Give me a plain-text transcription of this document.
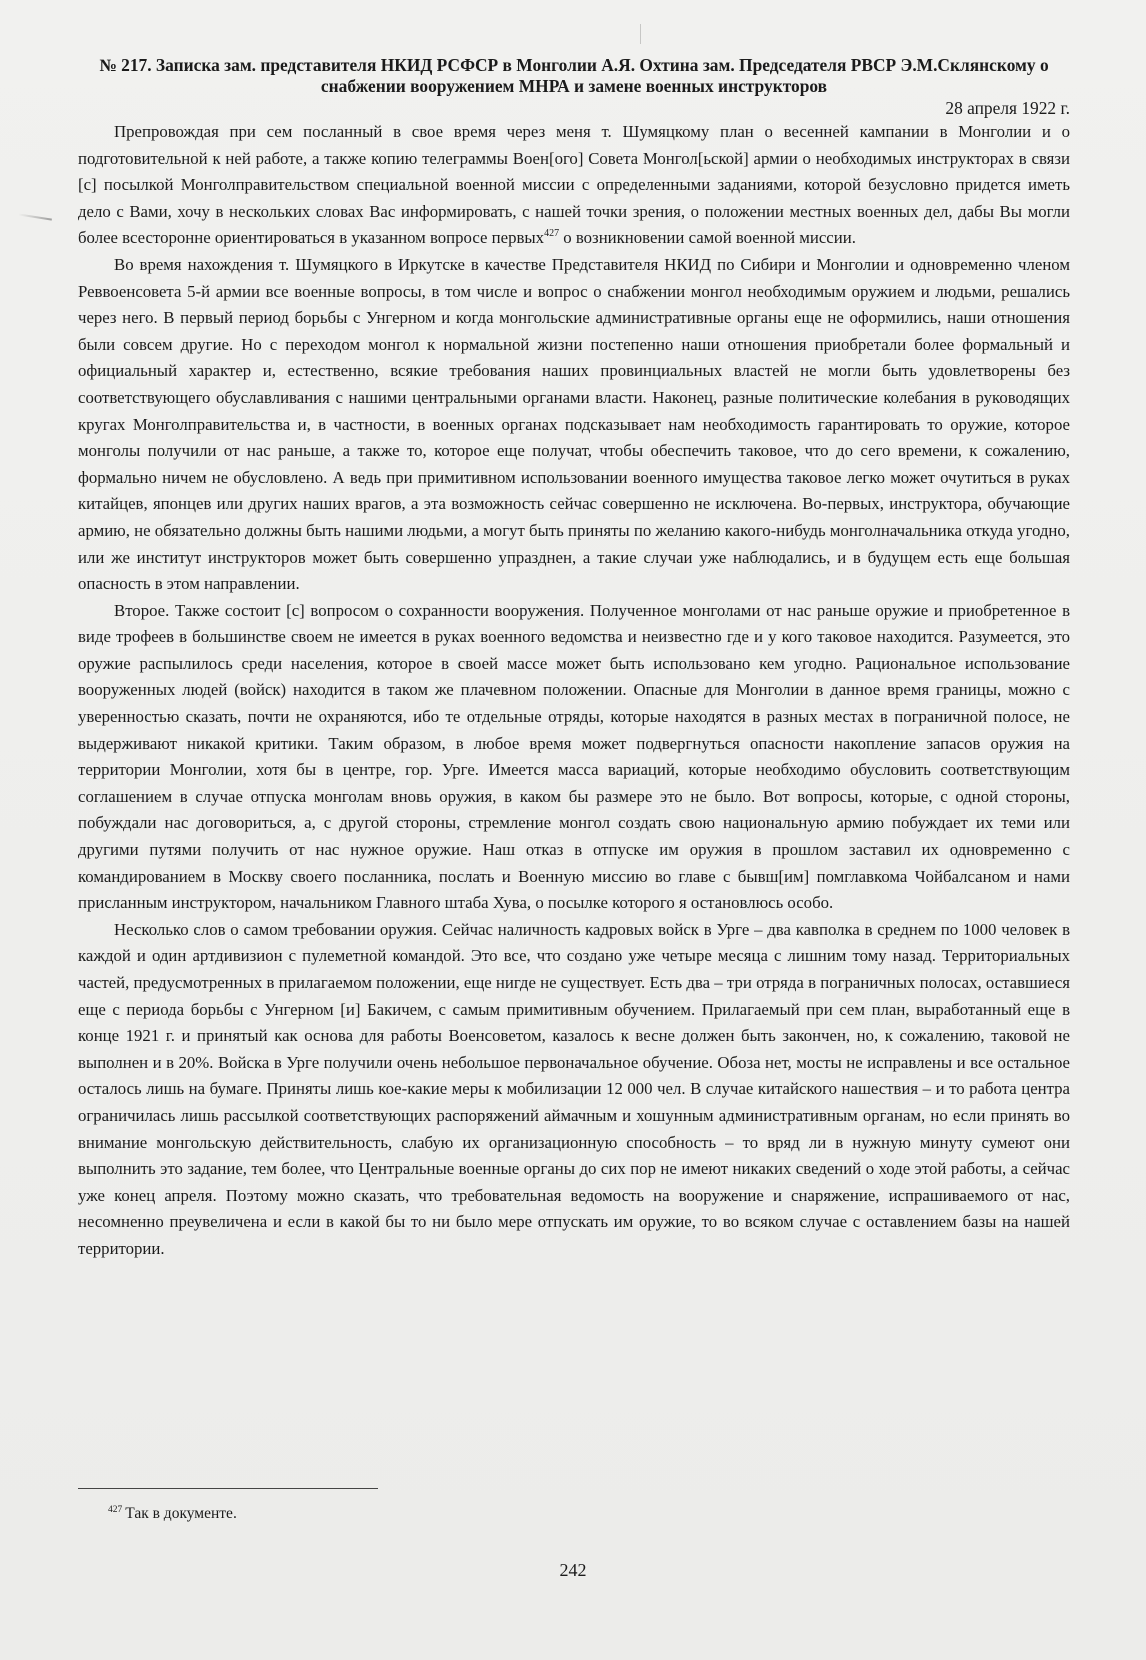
№ 217. Записка зам. представителя НКИД РСФСР в Монголии А.Я. Охтина зам. Председателя РВСР Э.М.Склянскому о снабжении вооружением МНРА и замене военных инструкторов
28 апреля 1922 г.

Препровождая при сем посланный в свое время через меня т. Шумяцкому план о весенней кампании в Монголии и о подготовительной к ней работе, а также копию телеграммы Воен[ого] Совета Монгол[ьской] армии о необходимых инструкторах в связи [с] посылкой Монголправительством специальной военной миссии с определенными заданиями, которой безусловно придется иметь дело с Вами, хочу в нескольких словах Вас информировать, с нашей точки зрения, о положении местных военных дел, дабы Вы могли более всесторонне ориентироваться в указанном вопросе первых$^{427}$ о возникновении самой военной миссии.

Во время нахождения т. Шумяцкого в Иркутске в качестве Представителя НКИД по Сибири и Монголии и одновременно членом Реввоенсовета 5-й армии все военные вопросы, в том числе и вопрос о снабжении монгол необходимым оружием и людьми, решались через него. В первый период борьбы с Унгерном и когда монгольские административные органы еще не оформились, наши отношения были совсем другие. Но с переходом монгол к нормальной жизни постепенно наши отношения приобретали более формальный и официальный характер и, естественно, всякие требования наших провинциальных властей не могли быть удовлетворены без соответствующего обуславливания с нашими центральными органами власти. Наконец, разные политические колебания в руководящих кругах Монголправительства и, в частности, в военных органах подсказывает нам необходимость гарантировать то оружие, которое монголы получили от нас раньше, а также то, которое еще получат, чтобы обеспечить таковое, что до сего времени, к сожалению, формально ничем не обусловлено. А ведь при примитивном использовании военного имущества таковое легко может очутиться в руках китайцев, японцев или других наших врагов, а эта возможность сейчас совершенно не исключена. Во-первых, инструктора, обучающие армию, не обязательно должны быть нашими людьми, а могут быть приняты по желанию какого-нибудь монголначальника откуда угодно, или же институт инструкторов может быть совершенно упразднен, а такие случаи уже наблюдались, и в будущем есть еще большая опасность в этом направлении.

Второе. Также состоит [с] вопросом о сохранности вооружения. Полученное монголами от нас раньше оружие и приобретенное в виде трофеев в большинстве своем не имеется в руках военного ведомства и неизвестно где и у кого таковое находится. Разумеется, это оружие распылилось среди населения, которое в своей массе может быть использовано кем угодно. Рациональное использование вооруженных людей (войск) находится в таком же плачевном положении. Опасные для Монголии в данное время границы, можно с уверенностью сказать, почти не охраняются, ибо те отдельные отряды, которые находятся в разных местах в пограничной полосе, не выдерживают никакой критики. Таким образом, в любое время может подвергнуться опасности накопление запасов оружия на территории Монголии, хотя бы в центре, гор. Урге. Имеется масса вариаций, которые необходимо обусловить соответствующим соглашением в случае отпуска монголам вновь оружия, в каком бы размере это не было. Вот вопросы, которые, с одной стороны, побуждали нас договориться, а, с другой стороны, стремление монгол создать свою национальную армию побуждает их теми или другими путями получить от нас нужное оружие. Наш отказ в отпуске им оружия в прошлом заставил их одновременно с командированием в Москву своего посланника, послать и Военную миссию во главе с бывш[им] помглавкома Чойбалсаном и нами присланным инструктором, начальником Главного штаба Хува, о посылке которого я остановлюсь особо.

Несколько слов о самом требовании оружия. Сейчас наличность кадровых войск в Урге – два кавполка в среднем по 1000 человек в каждой и один артдивизион с пулеметной командой. Это все, что создано уже четыре месяца с лишним тому назад. Территориальных частей, предусмотренных в прилагаемом положении, еще нигде не существует. Есть два – три отряда в пограничных полосах, оставшиеся еще с периода борьбы с Унгерном [и] Бакичем, с самым примитивным обучением. Прилагаемый при сем план, выработанный еще в конце 1921 г. и принятый как основа для работы Военсоветом, казалось к весне должен быть закончен, но, к сожалению, таковой не выполнен и в 20%. Войска в Урге получили очень небольшое первоначальное обучение. Обоза нет, мосты не исправлены и все остальное осталось лишь на бумаге. Приняты лишь кое-какие меры к мобилизации 12 000 чел. В случае китайского нашествия – и то работа центра ограничилась лишь рассылкой соответствующих распоряжений аймачным и хошунным административным органам, но если принять во внимание монгольскую действительность, слабую их организационную способность – то вряд ли в нужную минуту сумеют они выполнить это задание, тем более, что Центральные военные органы до сих пор не имеют никаких сведений о ходе этой работы, а сейчас уже конец апреля. Поэтому можно сказать, что требовательная ведомость на вооружение и снаряжение, испрашиваемого от нас, несомненно преувеличена и если в какой бы то ни было мере отпускать им оружие, то во всяком случае с оставлением базы на нашей территории.

$^{427}$ Так в документе.
242
